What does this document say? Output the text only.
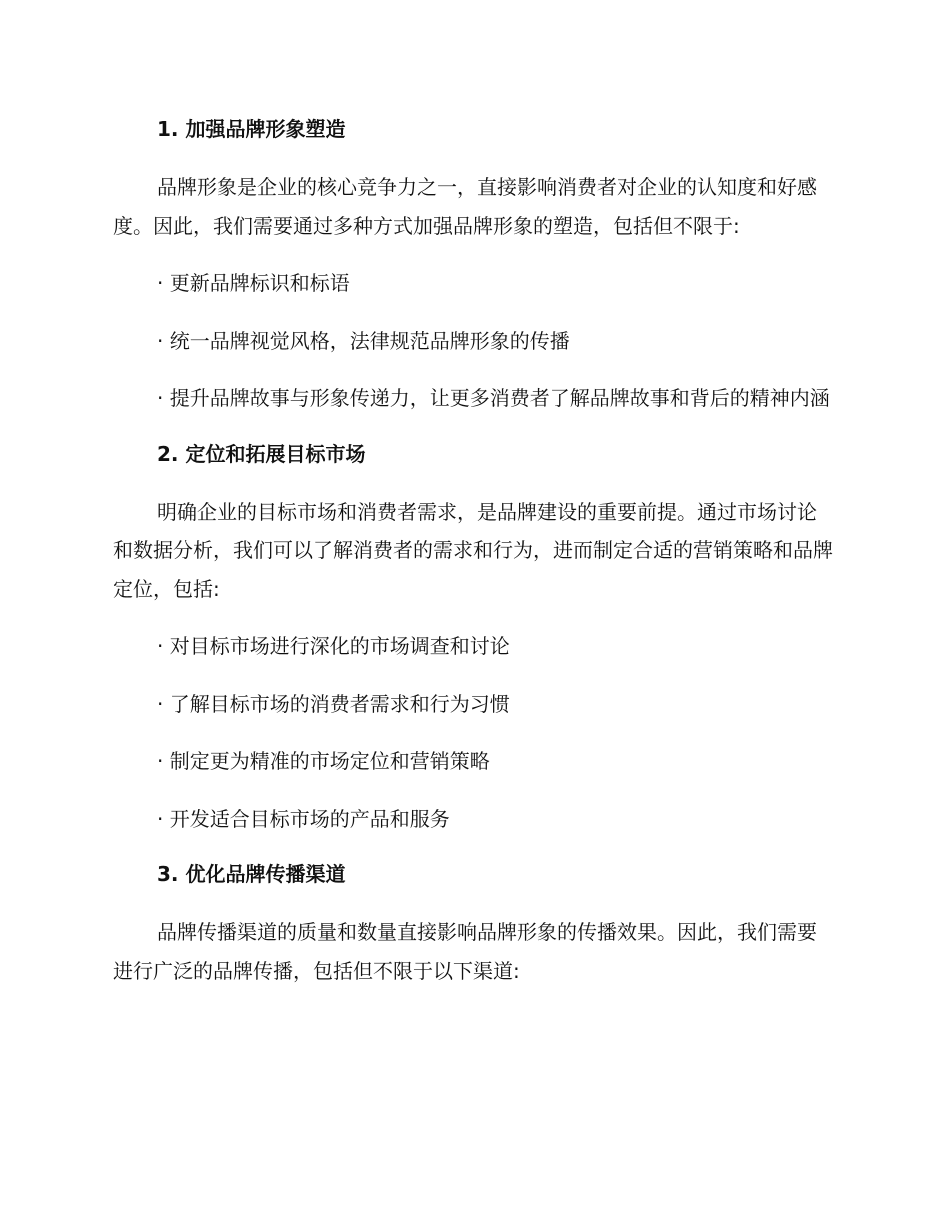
1. 加强品牌形象塑造

品牌形象是企业的核心竞争力之一，直接影响消费者对企业的认知度和好感度。因此，我们需要通过多种方式加强品牌形象的塑造，包括但不限于:

· 更新品牌标识和标语

· 统一品牌视觉风格，法律规范品牌形象的传播

· 提升品牌故事与形象传递力，让更多消费者了解品牌故事和背后的精神内涵

2. 定位和拓展目标市场

明确企业的目标市场和消费者需求，是品牌建设的重要前提。通过市场讨论和数据分析，我们可以了解消费者的需求和行为，进而制定合适的营销策略和品牌定位，包括:

· 对目标市场进行深化的市场调查和讨论

· 了解目标市场的消费者需求和行为习惯

· 制定更为精准的市场定位和营销策略

· 开发适合目标市场的产品和服务

3. 优化品牌传播渠道

品牌传播渠道的质量和数量直接影响品牌形象的传播效果。因此，我们需要进行广泛的品牌传播，包括但不限于以下渠道:
